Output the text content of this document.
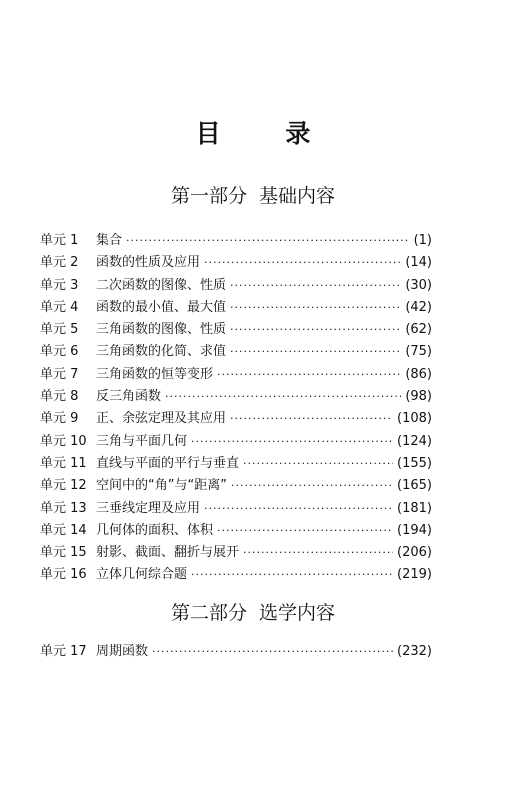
目 录
第一部分 基础内容
单元 1	集合 ·····	(1)
单元 2	函数的性质及应用 ·····	(14)
单元 3	二次函数的图像、性质 ·····	(30)
单元 4	函数的最小值、最大值 ·····	(42)
单元 5	三角函数的图像、性质 ·····	(62)
单元 6	三角函数的化简、求值 ·····	(75)
单元 7	三角函数的恒等变形 ·····	(86)
单元 8	反三角函数 ·····	(98)
单元 9	正、余弦定理及其应用 ·····	(108)
单元 10 三角与平面几何 ·····	(124)
单元 11 直线与平面的平行与垂直 ·····	(155)
单元 12 空间中的“角”与“距离” ·····	(165)
单元 13 三垂线定理及应用 ·····	(181)
单元 14 几何体的面积、体积 ·····	(194)
单元 15 射影、截面、翻折与展开 ·····	(206)
单元 16 立体几何综合题 ·····	(219)
第二部分 选学内容
单元 17 周期函数 ·····	(232)
